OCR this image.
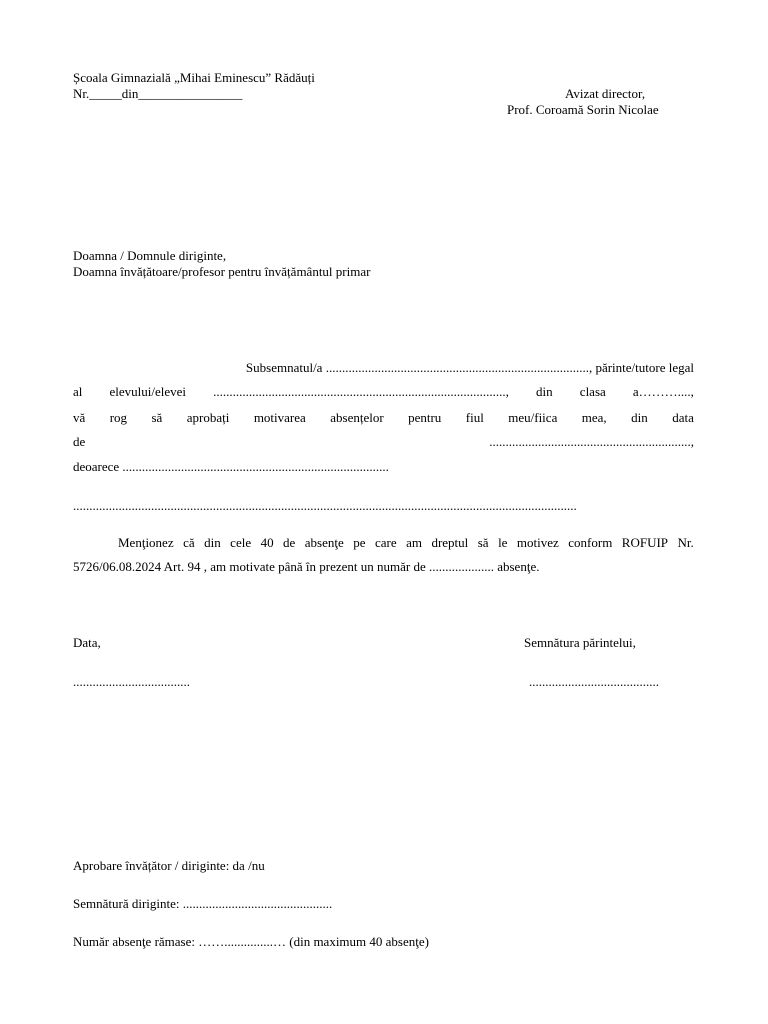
Școala Gimnazială „Mihai Eminescu” Rădăuți
Nr._____din________________	Avizat director,
Prof. Coroamă Sorin Nicolae
Doamna / Domnule diriginte,
Doamna învățătoare/profesor pentru învățământul primar
Subsemnatul/a ................................................................................., părinte/tutore legal
al elevului/elevei .........................................................................................., din clasa a………....,
vă rog să aprobați motivarea absențelor pentru fiul meu/fiica mea, din data
de	..............................................................,
deoarece ..................................................................................
...........................................................................................................................................................
Menţionez că din cele 40 de absenţe pe care am dreptul să le motivez conform ROFUIP Nr.
5726/06.08.2024 Art. 94 , am motivate până în prezent un număr de .................... absenţe.
Data,
....................................
Semnătura părintelui,
........................................
Aprobare învățător / diriginte: da /nu
Semnătură diriginte: ..............................................
Număr absenţe rămase: ……...............… (din maximum 40 absenţe)
